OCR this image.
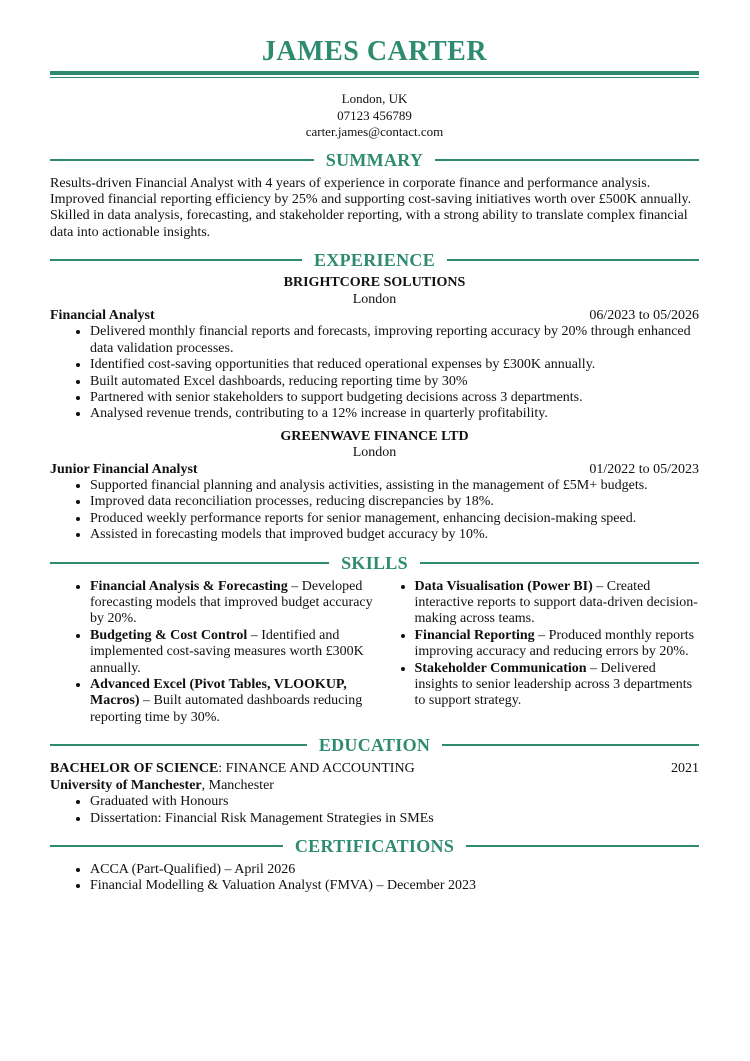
JAMES CARTER
London, UK
07123 456789
carter.james@contact.com
SUMMARY
Results-driven Financial Analyst with 4 years of experience in corporate finance and performance analysis. Improved financial reporting efficiency by 25% and supporting cost-saving initiatives worth over £500K annually. Skilled in data analysis, forecasting, and stakeholder reporting, with a strong ability to translate complex financial data into actionable insights.
EXPERIENCE
BRIGHTCORE SOLUTIONS
London
Financial Analyst	06/2023 to 05/2026
• Delivered monthly financial reports and forecasts, improving reporting accuracy by 20% through enhanced data validation processes.
• Identified cost-saving opportunities that reduced operational expenses by £300K annually.
• Built automated Excel dashboards, reducing reporting time by 30%
• Partnered with senior stakeholders to support budgeting decisions across 3 departments.
• Analysed revenue trends, contributing to a 12% increase in quarterly profitability.
GREENWAVE FINANCE LTD
London
Junior Financial Analyst	01/2022 to 05/2023
• Supported financial planning and analysis activities, assisting in the management of £5M+ budgets.
• Improved data reconciliation processes, reducing discrepancies by 18%.
• Produced weekly performance reports for senior management, enhancing decision-making speed.
• Assisted in forecasting models that improved budget accuracy by 10%.
SKILLS
• Financial Analysis & Forecasting – Developed forecasting models that improved budget accuracy by 20%.
• Budgeting & Cost Control – Identified and implemented cost-saving measures worth £300K annually.
• Advanced Excel (Pivot Tables, VLOOKUP, Macros) – Built automated dashboards reducing reporting time by 30%.
• Data Visualisation (Power BI) – Created interactive reports to support data-driven decision-making across teams.
• Financial Reporting – Produced monthly reports improving accuracy and reducing errors by 20%.
• Stakeholder Communication – Delivered insights to senior leadership across 3 departments to support strategy.
EDUCATION
BACHELOR OF SCIENCE: FINANCE AND ACCOUNTING	2021
University of Manchester, Manchester
• Graduated with Honours
• Dissertation: Financial Risk Management Strategies in SMEs
CERTIFICATIONS
• ACCA (Part-Qualified) – April 2026
• Financial Modelling & Valuation Analyst (FMVA) – December 2023
